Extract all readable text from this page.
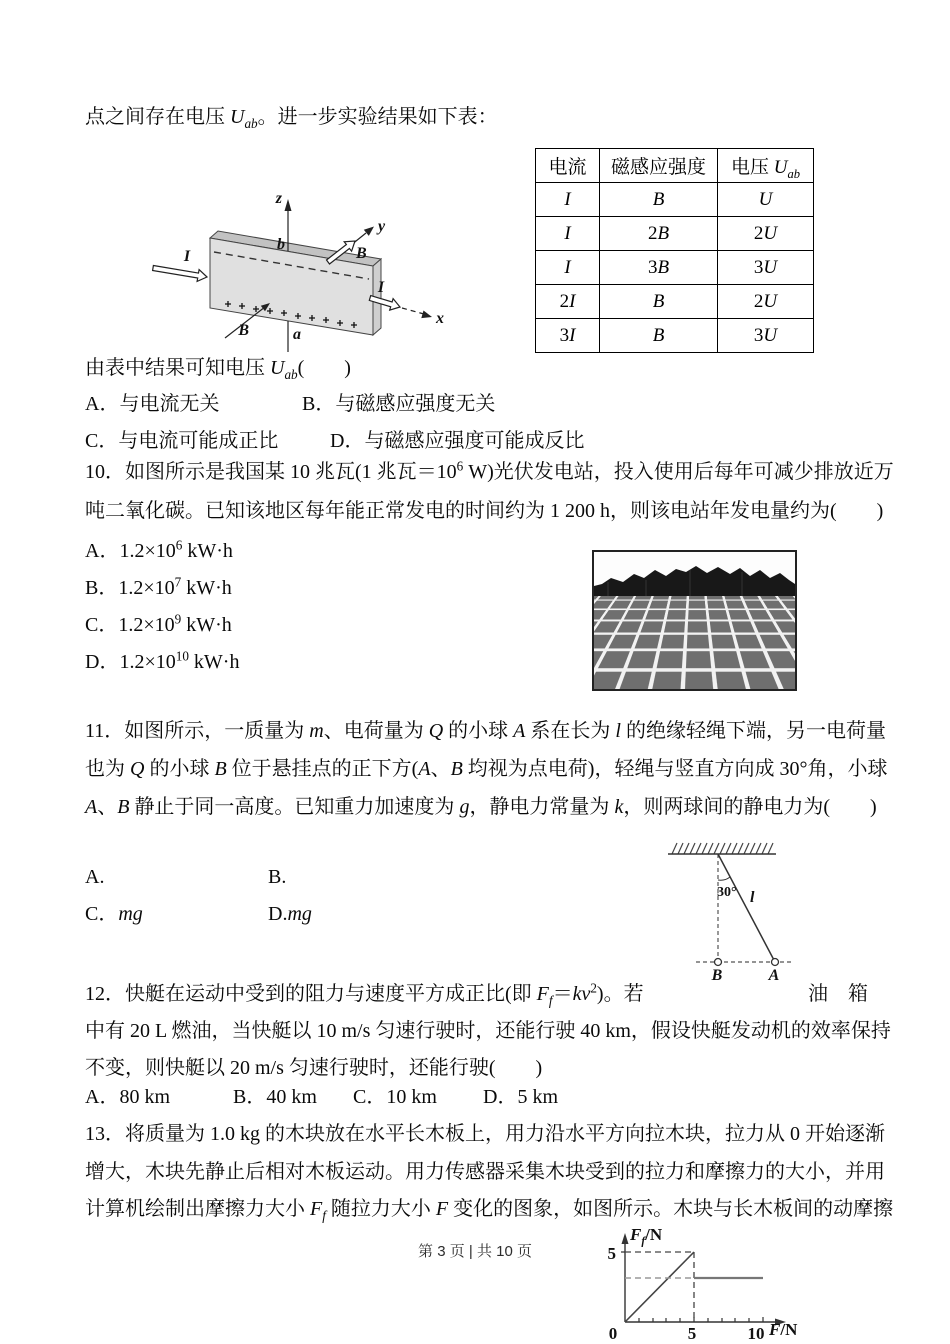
点之间存在电压 $U_{ab}$。进一步实验结果如下表：
z
y
x
b
a
I
I
B
B
电流	磁感应强度	电压 $U_{ab}$
I	B	U
I	2B	2U
I	3B	3U
2I	B	2U
3I	B	3U
由表中结果可知电压 $U_{ab}$(　　)
A．与电流无关	B．与磁感应强度无关
C．与电流可能成正比	D．与磁感应强度可能成反比
10．如图所示是我国某 10 兆瓦(1 兆瓦$=10^6$ W)光伏发电站，投入使用后每年可减少排放近万
吨二氧化碳。已知该地区每年能正常发电的时间约为 1 200 h，则该电站年发电量约为(　　)
A．$1.2\times 10^6$ kW·h
B．$1.2\times 10^7$ kW·h
C．$1.2\times 10^9$ kW·h
D．$1.2\times 10^{10}$ kW·h
11．如图所示，一质量为 m、电荷量为 Q 的小球 A 系在长为 l 的绝缘轻绳下端，另一电荷量
也为 Q 的小球 B 位于悬挂点的正下方(A、B 均视为点电荷)，轻绳与竖直方向成 30°角，小球
A、B 静止于同一高度。已知重力加速度为 g，静电力常量为 k，则两球间的静电力为(　　)
30° l
B	A
A.	B.
C．mg	D.mg
12．快艇在运动中受到的阻力与速度平方成正比(即 $F_f=kv^2$)。若	油　箱
中有 20 L 燃油，当快艇以 10 m/s 匀速行驶时，还能行驶 40 km，假设快艇发动机的效率保持
不变，则快艇以 20 m/s 匀速行驶时，还能行驶(　　)
A．80 km	B．40 km C．10 km D．5 km
13．将质量为 1.0 kg 的木块放在水平长木板上，用力沿水平方向拉木块，拉力从 0 开始逐渐
增大，木块先静止后相对木板运动。用力传感器采集木块受到的拉力和摩擦力的大小，并用
计算机绘制出摩擦力大小 $F_f$ 随拉力大小 F 变化的图象，如图所示。木块与长木板间的动摩擦
第 3 页 | 共 10 页	5
0	5	10
$F_f/N$
F/N
